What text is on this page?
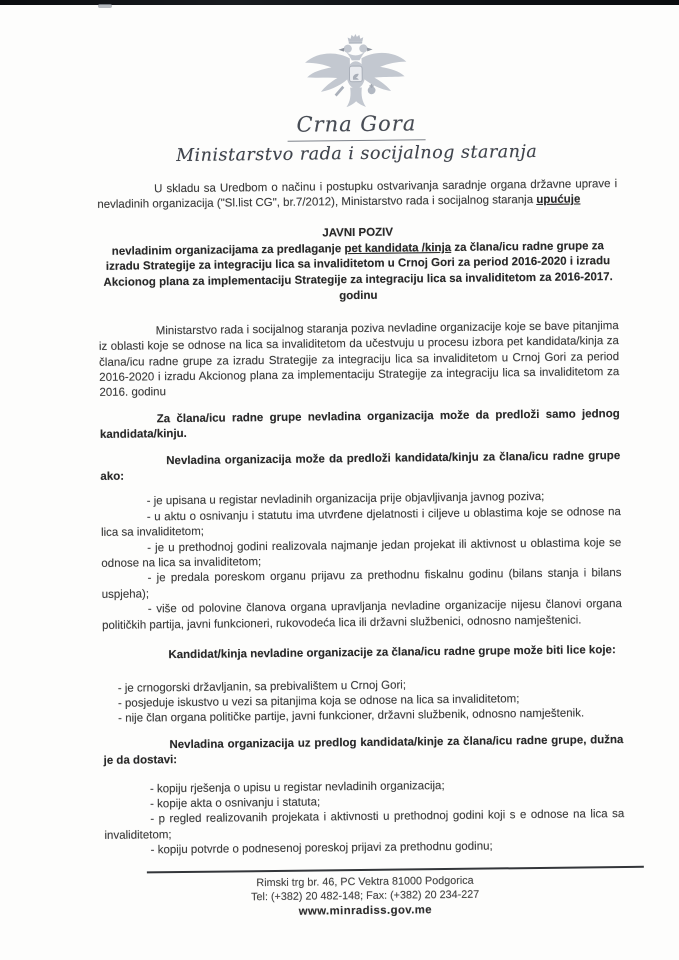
Crna Gora
Ministarstvo rada i socijalnog staranja

U skladu sa Uredbom o načinu i postupku ostvarivanja saradnje organa državne uprave i nevladinih organizacija ("Sl.list CG", br.7/2012), Ministarstvo rada i socijalnog staranja upućuje

JAVNI POZIV
nevladinim organizacijama za predlaganje pet kandidata /kinja za člana/icu radne grupe za izradu Strategije za integraciju lica sa invaliditetom u Crnoj Gori za period 2016-2020 i izradu Akcionog plana za implementaciju Strategije za integraciju lica sa invaliditetom za 2016-2017. godinu

Ministarstvo rada i socijalnog staranja poziva nevladine organizacije koje se bave pitanjima iz oblasti koje se odnose na lica sa invaliditetom da učestvuju u procesu izbora pet kandidata/kinja za člana/icu radne grupe za izradu Strategije za integraciju lica sa invaliditetom u Crnoj Gori za period 2016-2020 i izradu Akcionog plana za implementaciju Strategije za integraciju lica sa invaliditetom za 2016. godinu

Za člana/icu radne grupe nevladina organizacija može da predloži samo jednog kandidata/kinju.

Nevladina organizacija može da predloži kandidata/kinju za člana/icu radne grupe ako:

- je upisana u registar nevladinih organizacija prije objavljivanja javnog poziva;

- u aktu o osnivanju i statutu ima utvrđene djelatnosti i ciljeve u oblastima koje se odnose na lica sa invaliditetom;

- je u prethodnoj godini realizovala najmanje jedan projekat ili aktivnost u oblastima koje se odnose na lica sa invaliditetom;

- je predala poreskom organu prijavu za prethodnu fiskalnu godinu (bilans stanja i bilans uspjeha);

- više od polovine članova organa upravljanja nevladine organizacije nijesu članovi organa političkih partija, javni funkcioneri, rukovodeća lica ili državni službenici, odnosno namještenici.

Kandidat/kinja nevladine organizacije za člana/icu radne grupe može biti lice koje:

- je crnogorski državljanin, sa prebivalištem u Crnoj Gori;

- posjeduje iskustvo u vezi sa pitanjima koja se odnose na lica sa invaliditetom;

- nije član organa političke partije, javni funkcioner, državni službenik, odnosno namještenik.

Nevladina organizacija uz predlog kandidata/kinje za člana/icu radne grupe, dužna je da dostavi:

- kopiju rješenja o upisu u registar nevladinih organizacija;

- kopije akta o osnivanju i statuta;

- p regled realizovanih projekata i aktivnosti u prethodnoj godini koji s e odnose na lica sa invaliditetom;

- kopiju potvrde o podnesenoj poreskoj prijavi za prethodnu godinu;

Rimski trg br. 46, PC Vektra 81000 Podgorica
Tel: (+382) 20 482-148; Fax: (+382) 20 234-227
www.minradiss.gov.me
